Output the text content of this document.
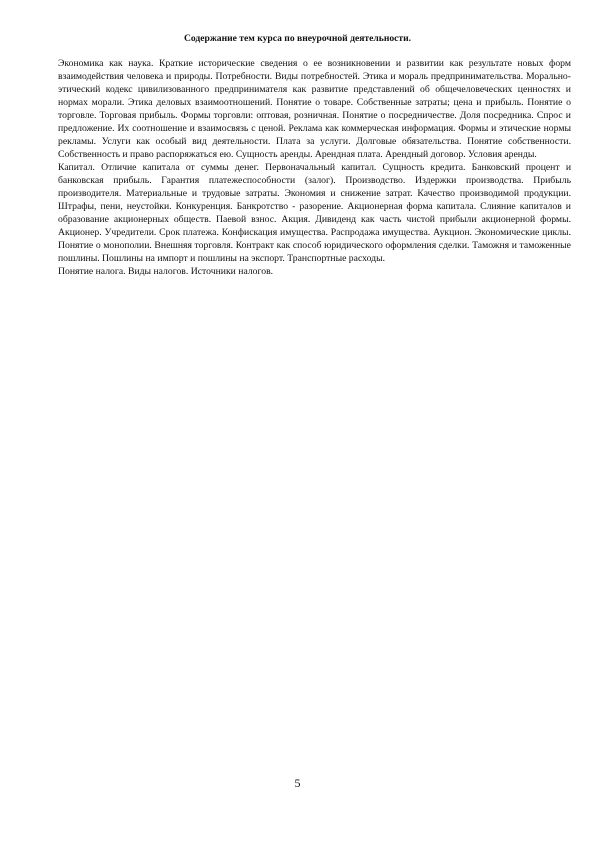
Содержание тем курса по внеурочной деятельности.

Экономика как наука. Краткие исторические сведения о ее возникновении и развитии как результате новых форм взаимодействия человека и природы. Потребности. Виды потребностей. Этика и мораль предпринимательства. Морально-этический кодекс цивилизованного предпринимателя как развитие представлений об общечеловеческих ценностях и нормах морали. Этика деловых взаимоотношений. Понятие о товаре. Собственные затраты; цена и прибыль. Понятие о торговле. Торговая прибыль. Формы торговли: оптовая, розничная. Понятие о посредничестве. Доля посредника. Спрос и предложение. Их соотношение и взаимосвязь с ценой. Реклама как коммерческая информация. Формы и этические нормы рекламы. Услуги как особый вид деятельности. Плата за услуги. Долговые обязательства. Понятие собственности. Собственность и право распоряжаться ею. Сущность аренды. Арендная плата. Арендный договор. Условия аренды.

Капитал. Отличие капитала от суммы денег. Первоначальный капитал. Сущность кредита. Банковский процент и банковская прибыль. Гарантия платежеспособности (залог). Производство. Издержки производства. Прибыль производителя. Материальные и трудовые затраты. Экономия и снижение затрат. Качество производимой продукции. Штрафы, пени, неустойки. Конкуренция. Банкротство - разорение. Акционерная форма капитала. Слияние капиталов и образование акционерных обществ. Паевой взнос. Акция. Дивиденд как часть чистой прибыли акционерной формы. Акционер. Учредители. Срок платежа. Конфискация имущества. Распродажа имущества. Аукцион. Экономические циклы. Понятие о монополии. Внешняя торговля. Контракт как способ юридического оформления сделки. Таможня и таможенные пошлины. Пошлины на импорт и пошлины на экспорт. Транспортные расходы.

Понятие налога. Виды налогов. Источники налогов.

5
